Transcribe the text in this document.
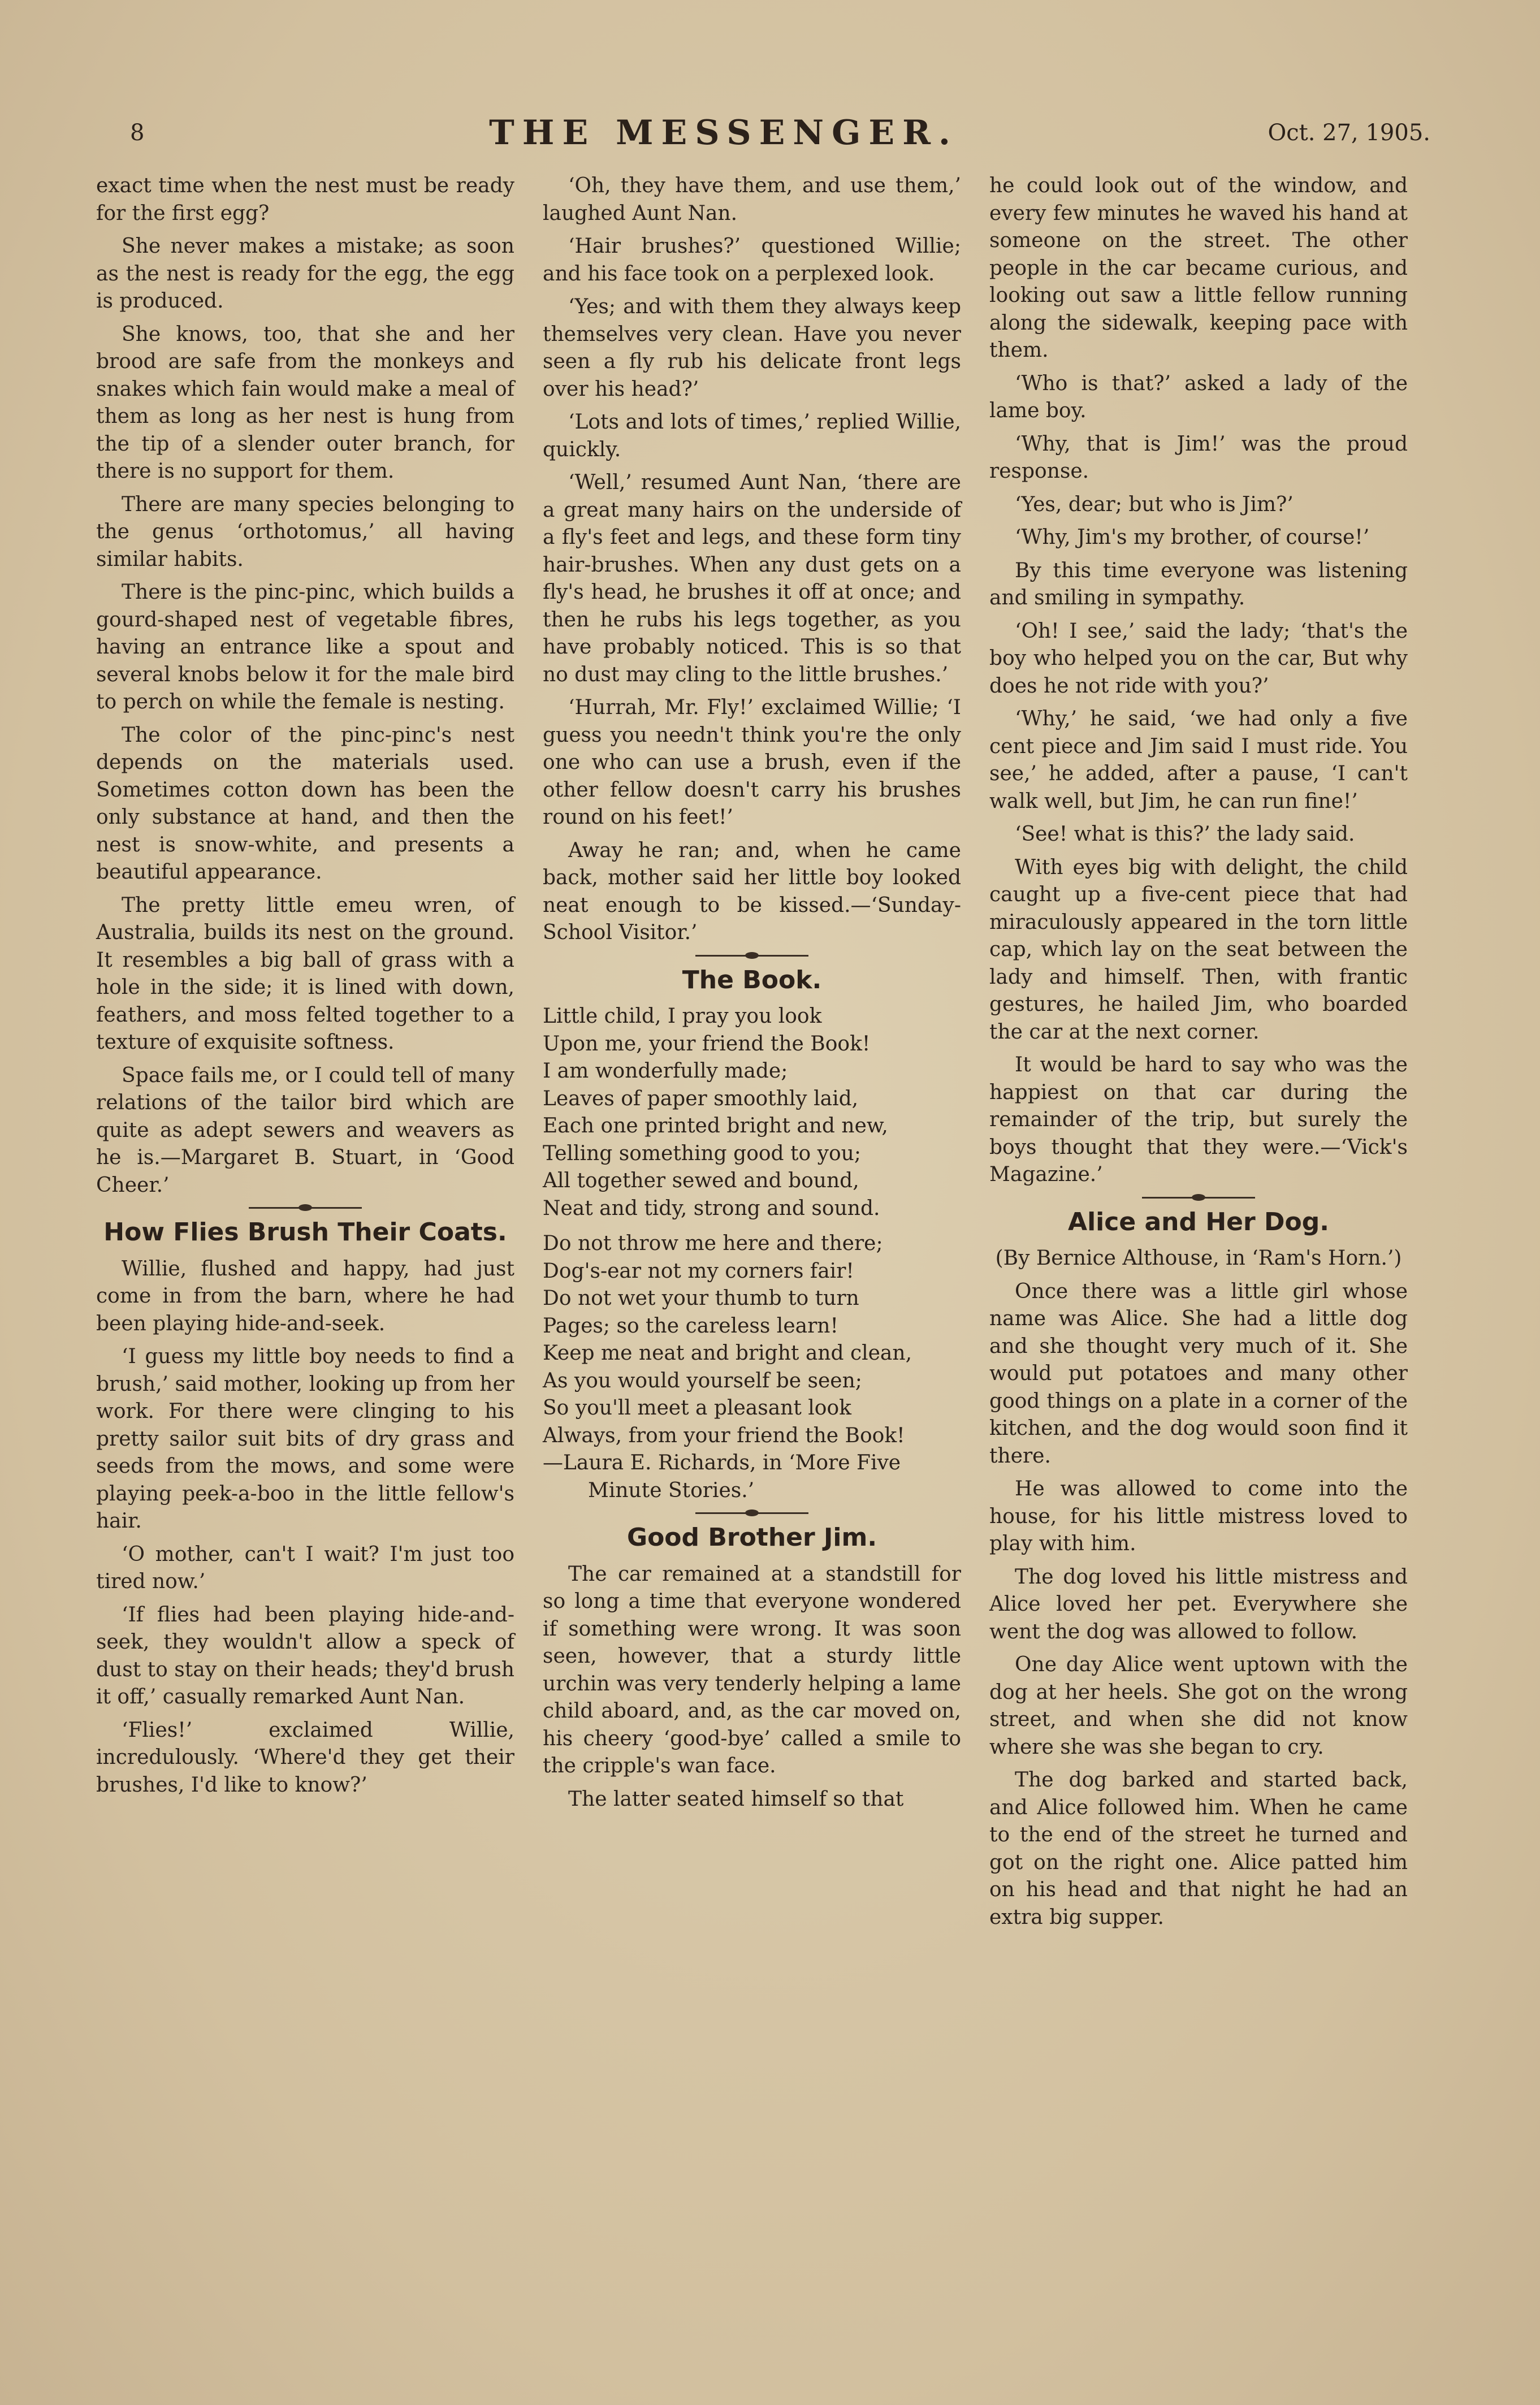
8	THE MESSENGER.	Oct. 27, 1905.

exact time when the nest must be ready for the first egg?

She never makes a mistake; as soon as the nest is ready for the egg, the egg is produced.

She knows, too, that she and her brood are safe from the monkeys and snakes which fain would make a meal of them as long as her nest is hung from the tip of a slender outer branch, for there is no support for them.

There are many species belonging to the genus ‘orthotomus,’ all having similar habits.

There is the pinc-pinc, which builds a gourd-shaped nest of vegetable fibres, having an entrance like a spout and several knobs below it for the male bird to perch on while the female is nesting.

The color of the pinc-pinc's nest depends on the materials used. Sometimes cotton down has been the only substance at hand, and then the nest is snow-white, and presents a beautiful appearance.

The pretty little emeu wren, of Australia, builds its nest on the ground. It resembles a big ball of grass with a hole in the side; it is lined with down, feathers, and moss felted together to a texture of exquisite softness.

Space fails me, or I could tell of many relations of the tailor bird which are quite as adept sewers and weavers as he is.—Margaret B. Stuart, in ‘Good Cheer.’

How Flies Brush Their Coats.

Willie, flushed and happy, had just come in from the barn, where he had been playing hide-and-seek.

‘I guess my little boy needs to find a brush,’ said mother, looking up from her work. For there were clinging to his pretty sailor suit bits of dry grass and seeds from the mows, and some were playing peek-a-boo in the little fellow's hair.

‘O mother, can't I wait? I'm just too tired now.’

‘If flies had been playing hide-and-seek, they wouldn't allow a speck of dust to stay on their heads; they'd brush it off,’ casually remarked Aunt Nan.

‘Flies!’ exclaimed Willie, incredulously. ‘Where'd they get their brushes, I'd like to know?’

‘Oh, they have them, and use them,’ laughed Aunt Nan.

‘Hair brushes?’ questioned Willie; and his face took on a perplexed look.

‘Yes; and with them they always keep themselves very clean. Have you never seen a fly rub his delicate front legs over his head?’

‘Lots and lots of times,’ replied Willie, quickly.

‘Well,’ resumed Aunt Nan, ‘there are a great many hairs on the underside of a fly's feet and legs, and these form tiny hair-brushes. When any dust gets on a fly's head, he brushes it off at once; and then he rubs his legs together, as you have probably noticed. This is so that no dust may cling to the little brushes.’

‘Hurrah, Mr. Fly!’ exclaimed Willie; ‘I guess you needn't think you're the only one who can use a brush, even if the other fellow doesn't carry his brushes round on his feet!’

Away he ran; and, when he came back, mother said her little boy looked neat enough to be kissed.—‘Sunday-School Visitor.’

The Book.
Little child, I pray you look
Upon me, your friend the Book!
I am wonderfully made;
Leaves of paper smoothly laid,
Each one printed bright and new,
Telling something good to you;
All together sewed and bound,
Neat and tidy, strong and sound.
Do not throw me here and there;
Dog's-ear not my corners fair!
Do not wet your thumb to turn
Pages; so the careless learn!
Keep me neat and bright and clean,
As you would yourself be seen;
So you'll meet a pleasant look
Always, from your friend the Book!
—Laura E. Richards, in ‘More Five
Minute Stories.’
Good Brother Jim.

The car remained at a standstill for so long a time that everyone wondered if something were wrong. It was soon seen, however, that a sturdy little urchin was very tenderly helping a lame child aboard, and, as the car moved on, his cheery ‘good-bye’ called a smile to the cripple's wan face.

The latter seated himself so that

he could look out of the window, and every few minutes he waved his hand at someone on the street. The other people in the car became curious, and looking out saw a little fellow running along the sidewalk, keeping pace with them.

‘Who is that?’ asked a lady of the lame boy.

‘Why, that is Jim!’ was the proud response.

‘Yes, dear; but who is Jim?’

‘Why, Jim's my brother, of course!’

By this time everyone was listening and smiling in sympathy.

‘Oh! I see,’ said the lady; ‘that's the boy who helped you on the car, But why does he not ride with you?’

‘Why,’ he said, ‘we had only a five cent piece and Jim said I must ride. You see,’ he added, after a pause, ‘I can't walk well, but Jim, he can run fine!’

‘See! what is this?’ the lady said.

With eyes big with delight, the child caught up a five-cent piece that had miraculously appeared in the torn little cap, which lay on the seat between the lady and himself. Then, with frantic gestures, he hailed Jim, who boarded the car at the next corner.

It would be hard to say who was the happiest on that car during the remainder of the trip, but surely the boys thought that they were.—‘Vick's Magazine.’

Alice and Her Dog.

(By Bernice Althouse, in ‘Ram's Horn.’)

Once there was a little girl whose name was Alice. She had a little dog and she thought very much of it. She would put potatoes and many other good things on a plate in a corner of the kitchen, and the dog would soon find it there.

He was allowed to come into the house, for his little mistress loved to play with him.

The dog loved his little mistress and Alice loved her pet. Everywhere she went the dog was allowed to follow.

One day Alice went uptown with the dog at her heels. She got on the wrong street, and when she did not know where she was she began to cry.

The dog barked and started back, and Alice followed him. When he came to the end of the street he turned and got on the right one. Alice patted him on his head and that night he had an extra big supper.
